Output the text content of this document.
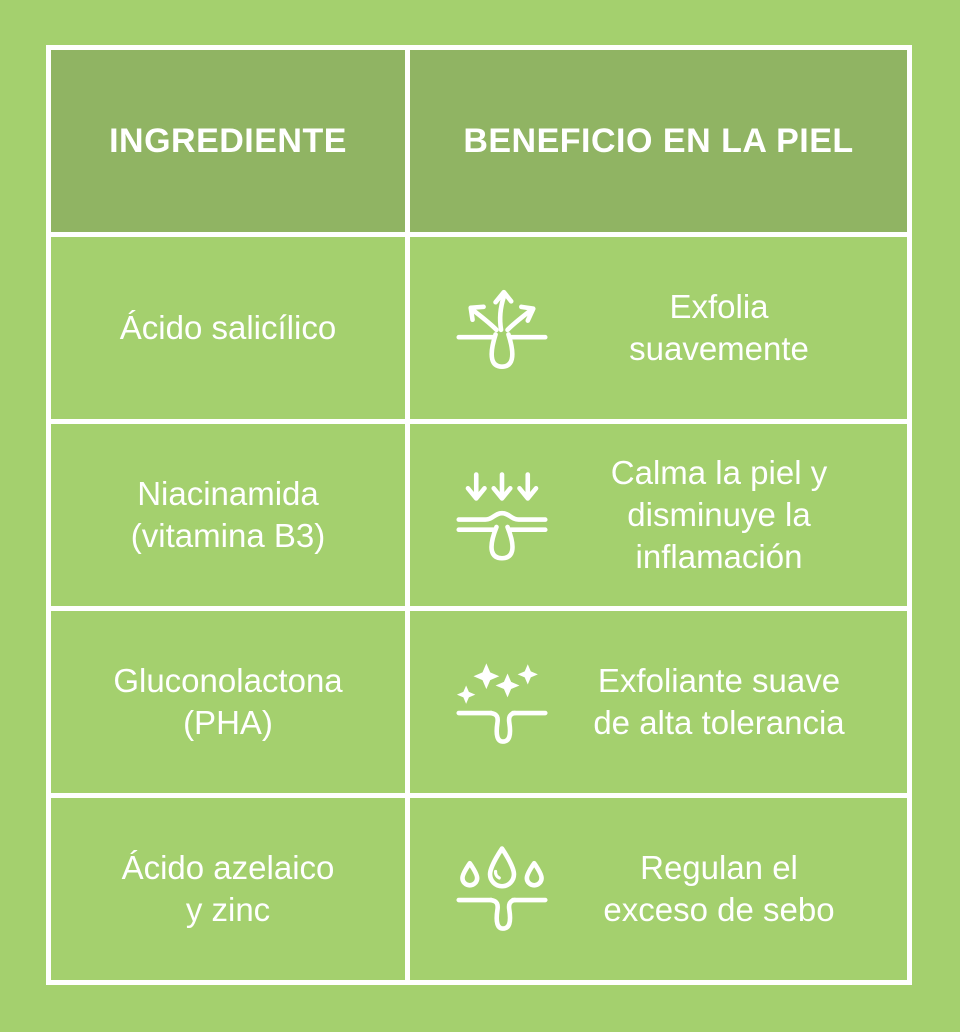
INGREDIENTE	BENEFICIO EN LA PIEL
Ácido salicílico
Exfolia
suavemente
Niacinamida
(vitamina B3)
Calma la piel y
disminuye la
inflamación
Gluconolactona
(PHA)
Exfoliante suave
de alta tolerancia
Ácido azelaico
y zinc
Regulan el
exceso de sebo
